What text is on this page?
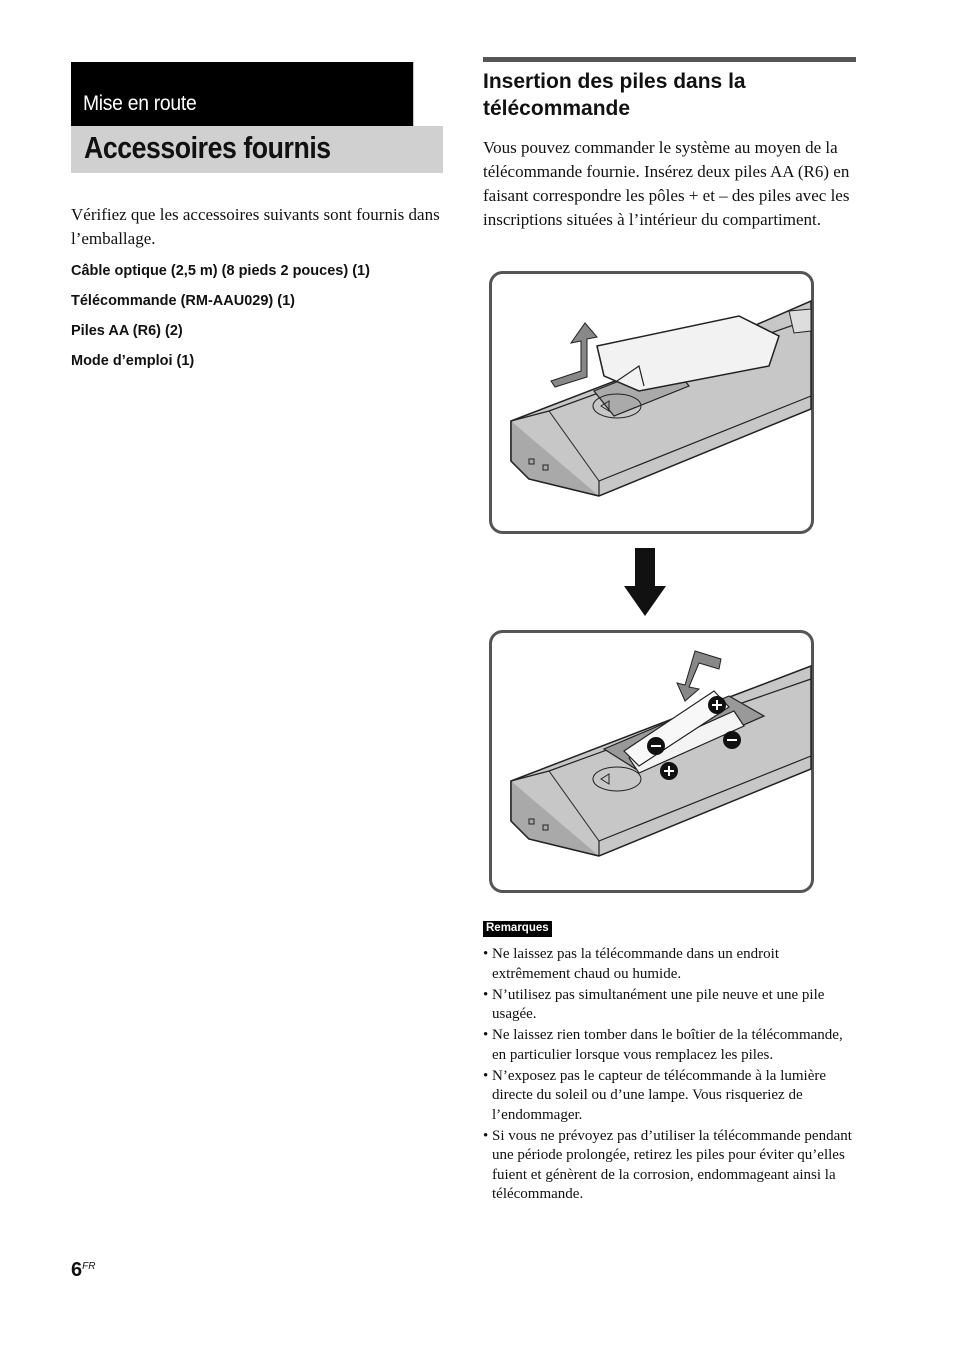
Mise en route
Accessoires fournis

Vérifiez que les accessoires suivants sont fournis dans l’emballage.

Câble optique (2,5 m) (8 pieds 2 pouces) (1)
Télécommande (RM-AAU029) (1)
Piles AA (R6) (2)
Mode d’emploi (1)
Insertion des piles dans la télécommande

Vous pouvez commander le système au moyen de la télécommande fournie. Insérez deux piles AA (R6) en faisant correspondre les pôles + et – des piles avec les inscriptions situées à l’intérieur du compartiment.

Remarques
• Ne laissez pas la télécommande dans un endroit extrêmement chaud ou humide.
• N’utilisez pas simultanément une pile neuve et une pile usagée.
• Ne laissez rien tomber dans le boîtier de la télécommande, en particulier lorsque vous remplacez les piles.
• N’exposez pas le capteur de télécommande à la lumière directe du soleil ou d’une lampe. Vous risqueriez de l’endommager.
• Si vous ne prévoyez pas d’utiliser la télécommande pendant une période prolongée, retirez les piles pour éviter qu’elles fuient et génèrent de la corrosion, endommageant ainsi la télécommande.
$6^{FR}$
